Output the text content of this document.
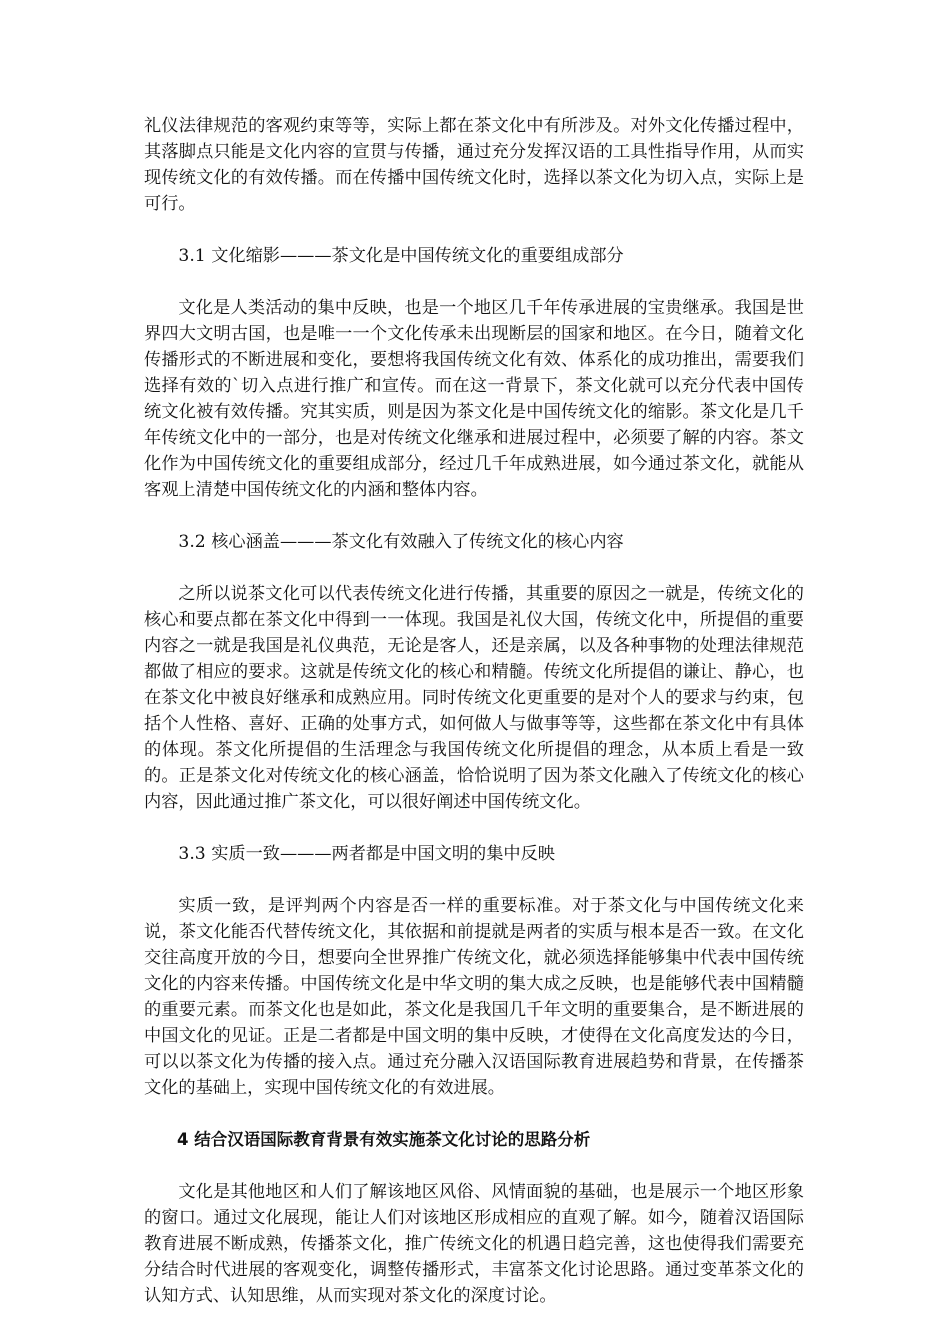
礼仪法律规范的客观约束等等，实际上都在茶文化中有所涉及。对外文化传播过程中，其落脚点只能是文化内容的宣贯与传播，通过充分发挥汉语的工具性指导作用，从而实现传统文化的有效传播。而在传播中国传统文化时，选择以茶文化为切入点，实际上是可行。

3.1 文化缩影———茶文化是中国传统文化的重要组成部分

文化是人类活动的集中反映，也是一个地区几千年传承进展的宝贵继承。我国是世界四大文明古国，也是唯一一个文化传承未出现断层的国家和地区。在今日，随着文化传播形式的不断进展和变化，要想将我国传统文化有效、体系化的成功推出，需要我们选择有效的`切入点进行推广和宣传。而在这一背景下，茶文化就可以充分代表中国传统文化被有效传播。究其实质，则是因为茶文化是中国传统文化的缩影。茶文化是几千年传统文化中的一部分，也是对传统文化继承和进展过程中，必须要了解的内容。茶文化作为中国传统文化的重要组成部分，经过几千年成熟进展，如今通过茶文化，就能从客观上清楚中国传统文化的内涵和整体内容。

3.2 核心涵盖———茶文化有效融入了传统文化的核心内容

之所以说茶文化可以代表传统文化进行传播，其重要的原因之一就是，传统文化的核心和要点都在茶文化中得到一一体现。我国是礼仪大国，传统文化中，所提倡的重要内容之一就是我国是礼仪典范，无论是客人，还是亲属，以及各种事物的处理法律规范都做了相应的要求。这就是传统文化的核心和精髓。传统文化所提倡的谦让、静心，也在茶文化中被良好继承和成熟应用。同时传统文化更重要的是对个人的要求与约束，包括个人性格、喜好、正确的处事方式，如何做人与做事等等，这些都在茶文化中有具体的体现。茶文化所提倡的生活理念与我国传统文化所提倡的理念，从本质上看是一致的。正是茶文化对传统文化的核心涵盖，恰恰说明了因为茶文化融入了传统文化的核心内容，因此通过推广茶文化，可以很好阐述中国传统文化。

3.3 实质一致———两者都是中国文明的集中反映

实质一致，是评判两个内容是否一样的重要标准。对于茶文化与中国传统文化来说，茶文化能否代替传统文化，其依据和前提就是两者的实质与根本是否一致。在文化交往高度开放的今日，想要向全世界推广传统文化，就必须选择能够集中代表中国传统文化的内容来传播。中国传统文化是中华文明的集大成之反映，也是能够代表中国精髓的重要元素。而茶文化也是如此，茶文化是我国几千年文明的重要集合，是不断进展的中国文化的见证。正是二者都是中国文明的集中反映，才使得在文化高度发达的今日，可以以茶文化为传播的接入点。通过充分融入汉语国际教育进展趋势和背景，在传播茶文化的基础上，实现中国传统文化的有效进展。

4 结合汉语国际教育背景有效实施茶文化讨论的思路分析

文化是其他地区和人们了解该地区风俗、风情面貌的基础，也是展示一个地区形象的窗口。通过文化展现，能让人们对该地区形成相应的直观了解。如今，随着汉语国际教育进展不断成熟，传播茶文化，推广传统文化的机遇日趋完善，这也使得我们需要充分结合时代进展的客观变化，调整传播形式，丰富茶文化讨论思路。通过变革茶文化的认知方式、认知思维，从而实现对茶文化的深度讨论。
